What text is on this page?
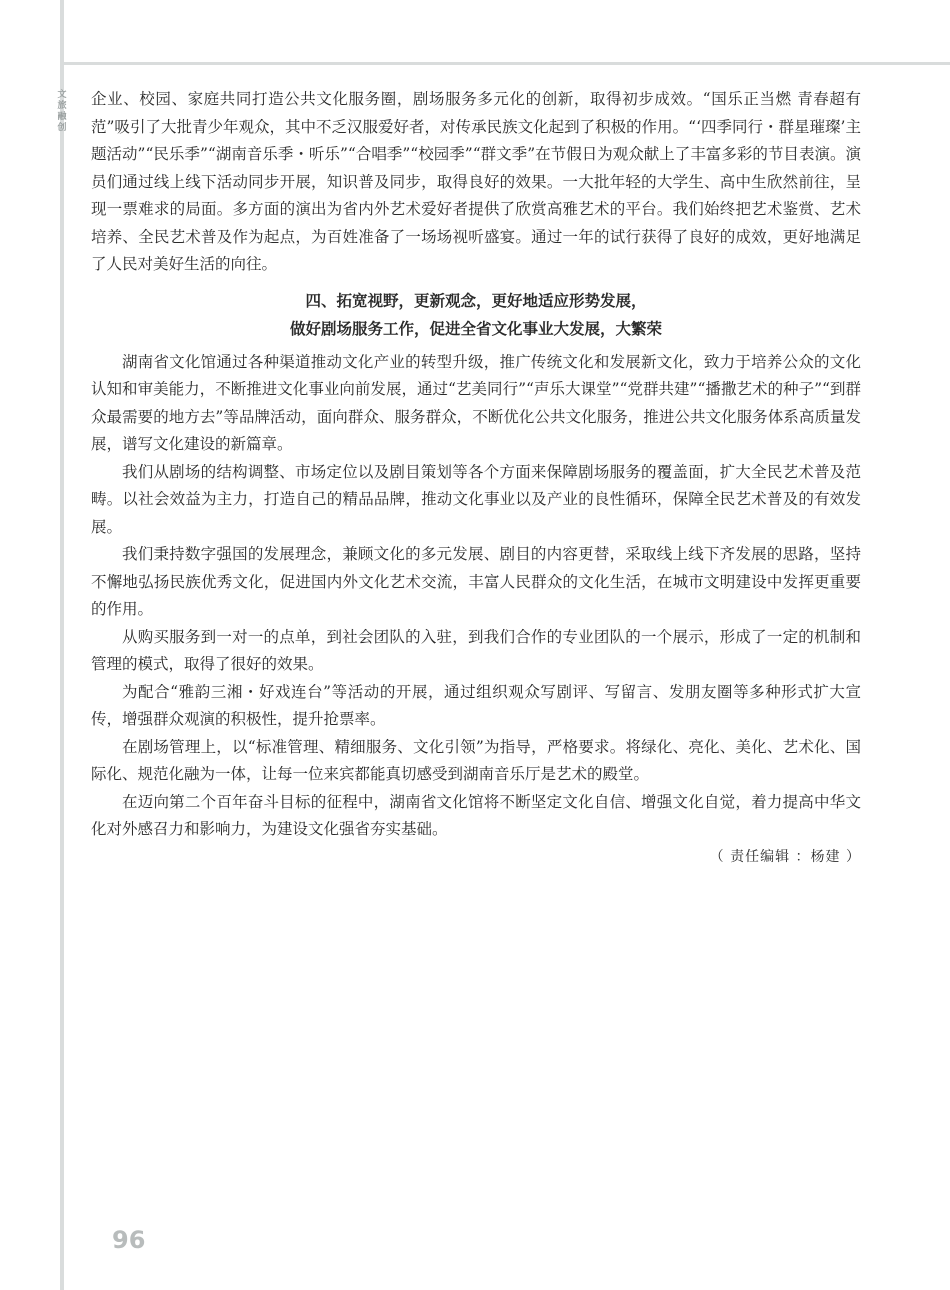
文旅融创

企业、校园、家庭共同打造公共文化服务圈，剧场服务多元化的创新，取得初步成效。“国乐正当燃 青春超有范”吸引了大批青少年观众，其中不乏汉服爱好者，对传承民族文化起到了积极的作用。“‘四季同行・群星璀璨’主题活动”“民乐季”“湖南音乐季・听乐”“合唱季”“校园季”“群文季”在节假日为观众献上了丰富多彩的节目表演。演员们通过线上线下活动同步开展，知识普及同步，取得良好的效果。一大批年轻的大学生、高中生欣然前往，呈现一票难求的局面。多方面的演出为省内外艺术爱好者提供了欣赏高雅艺术的平台。我们始终把艺术鉴赏、艺术培养、全民艺术普及作为起点，为百姓准备了一场场视听盛宴。通过一年的试行获得了良好的成效，更好地满足了人民对美好生活的向往。

四、拓宽视野，更新观念，更好地适应形势发展，
做好剧场服务工作，促进全省文化事业大发展，大繁荣

湖南省文化馆通过各种渠道推动文化产业的转型升级，推广传统文化和发展新文化，致力于培养公众的文化认知和审美能力，不断推进文化事业向前发展，通过“艺美同行”“声乐大课堂”“党群共建”“播撒艺术的种子”“到群众最需要的地方去”等品牌活动，面向群众、服务群众，不断优化公共文化服务，推进公共文化服务体系高质量发展，谱写文化建设的新篇章。

我们从剧场的结构调整、市场定位以及剧目策划等各个方面来保障剧场服务的覆盖面，扩大全民艺术普及范畴。以社会效益为主力，打造自己的精品品牌，推动文化事业以及产业的良性循环，保障全民艺术普及的有效发展。

我们秉持数字强国的发展理念，兼顾文化的多元发展、剧目的内容更替，采取线上线下齐发展的思路，坚持不懈地弘扬民族优秀文化，促进国内外文化艺术交流，丰富人民群众的文化生活，在城市文明建设中发挥更重要的作用。

从购买服务到一对一的点单，到社会团队的入驻，到我们合作的专业团队的一个展示，形成了一定的机制和管理的模式，取得了很好的效果。

为配合“雅韵三湘・好戏连台”等活动的开展，通过组织观众写剧评、写留言、发朋友圈等多种形式扩大宣传，增强群众观演的积极性，提升抢票率。

在剧场管理上，以“标准管理、精细服务、文化引领”为指导，严格要求。将绿化、亮化、美化、艺术化、国际化、规范化融为一体，让每一位来宾都能真切感受到湖南音乐厅是艺术的殿堂。

在迈向第二个百年奋斗目标的征程中，湖南省文化馆将不断坚定文化自信、增强文化自觉，着力提高中华文化对外感召力和影响力，为建设文化强省夯实基础。

（ 责任编辑 ：杨建 ）
96
